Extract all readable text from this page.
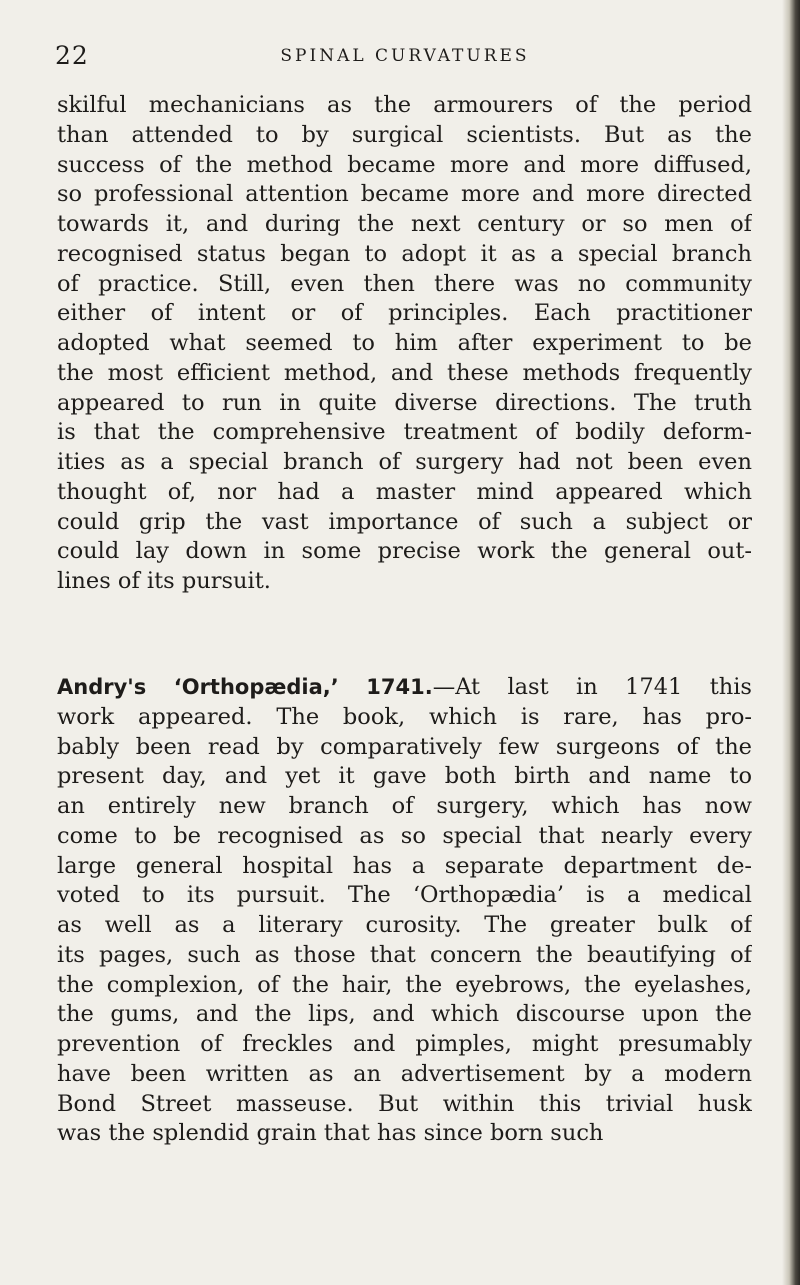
22	SPINAL CURVATURES
skilful mechanicians as the armourers of the period
than attended to by surgical scientists. But as the
success of the method became more and more diffused,
so professional attention became more and more directed
towards it, and during the next century or so men of
recognised status began to adopt it as a special branch
of practice. Still, even then there was no community
either of intent or of principles. Each practitioner
adopted what seemed to him after experiment to be
the most efficient method, and these methods frequently
appeared to run in quite diverse directions. The truth
is that the comprehensive treatment of bodily deform-
ities as a special branch of surgery had not been even
thought of, nor had a master mind appeared which
could grip the vast importance of such a subject or
could lay down in some precise work the general out-
lines of its pursuit.
Andry's ‘Orthopædia,’ 1741.—At last in 1741 this
work appeared. The book, which is rare, has pro-
bably been read by comparatively few surgeons of the
present day, and yet it gave both birth and name to
an entirely new branch of surgery, which has now
come to be recognised as so special that nearly every
large general hospital has a separate department de-
voted to its pursuit. The ‘Orthopædia’ is a medical
as well as a literary curosity. The greater bulk of
its pages, such as those that concern the beautifying of
the complexion, of the hair, the eyebrows, the eyelashes,
the gums, and the lips, and which discourse upon the
prevention of freckles and pimples, might presumably
have been written as an advertisement by a modern
Bond Street masseuse. But within this trivial husk
was the splendid grain that has since born such
